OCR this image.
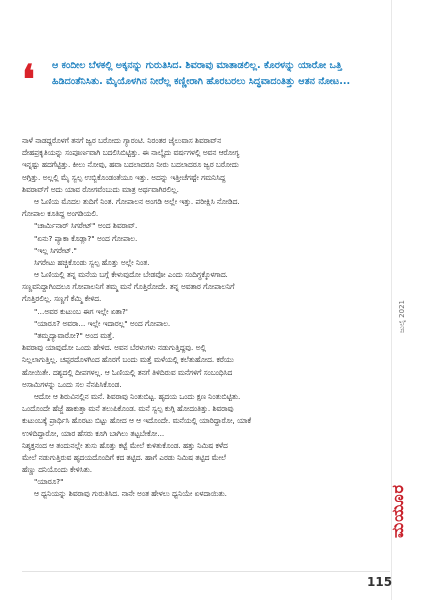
❛ ಆ ಕಂದೀಲ ಬೆಳಕಲ್ಲಿ ಅಕ್ಕನನ್ನು ಗುರುತಿಸಿದ. ಶಿವರಾವು ಮಾತಾಡಲಿಲ್ಲ. ಕೊರಳನ್ನು ಯಾರೋ ಒತ್ತಿ ಹಿಡಿದಂತೆನಿಸಿತು. ಮೈಯೊಳಗಿನ ನೀರೆಲ್ಲ ಕಣ್ಣೀರಾಗಿ ಹೊರಬರಲು ಸಿದ್ಧವಾದಂತಿತ್ತು ಆತನ ನೋಟ...
ನಾಳೆ ನಾಡದ್ದರೊಳಗೆ ತನಗೆ ಜ್ವರ ಬರೋದು ಗ್ಯಾರಂಟಿ. ನಿರಂತರ ಜೈಲುವಾಸ ಶಿವರಾವ್‌ನ
ದೇಹಪ್ರಕೃತಿಯನ್ನು ಸಂಪೂರ್ಣವಾಗಿ ಬದಲಿಸಿಬಿಟ್ಟಿತ್ತು. ಈ ನಾಲ್ಕೈದು ವರ್ಷಗಳಲ್ಲಿ ಅವನ ಆರೋಗ್ಯ
ಇನ್ನಷ್ಟು ಹದಗೆಟ್ಟಿತ್ತು. ಕೀಲು ನೋವು, ಹವಾ ಬದಲಾದರೂ ನೀರು ಬದಲಾದರೂ ಜ್ವರ ಬರೋದು
ಅಗ್ಗಿತ್ತು. ಅಲ್ಲಲ್ಲಿ ಮೈ ಸ್ವಲ್ಪ ಉಬ್ಬಿಕೊಂಡಂತೆಯೂ ಇತ್ತು. ಅದನ್ನು ಇತ್ತೀಚೆಗಷ್ಟೇ ಗಮನಿಸಿದ್ದ
ಶಿವರಾವ್‌ಗೆ ಅದು ಯಾವ ರೋಗವೆಂಬುದು ಮಾತ್ರ ಅರ್ಥವಾಗಿರಲಿಲ್ಲ.
ಆ ಓಣಿಯ ಮೊದಲ ತುದಿಗೆ ನಿಂತ. ಗೋಪಾಲನ ಅಂಗಡಿ ಅಲ್ಲೇ ಇತ್ತು. ಪರೀಕ್ಷಿಸಿ ನೋಡಿದ.
ಗೋಪಾಲ ಕೂತಿದ್ದ ಅಂಗಡಿಯಲಿ.
"ಚಾರ್ಮಿನಾರ್ ಸಿಗರೇಟ್" ಅಂದ ಶಿವರಾವ್.
"ಏನು? ಪ್ಯಾಕಾ ಕೊಡ್ಲಾ?" ಅಂದ ಗೋಪಾಲ.
"ಇಲ್ಲ ಸಿಗರೇಟ್."
ಸಿಗರೇಟು ಹಚ್ಚಿಕೊಂಡು ಸ್ವಲ್ಪ ಹೊತ್ತು ಅಲ್ಲೇ ನಿಂತ.
ಆ ಓಣಿಯಲ್ಲಿ ತನ್ನ ಮನೆಯ ಬಗ್ಗೆ ಕೇಳುವುದೋ ಬೇಡವೋ ಎಂದು ಸಂದಿಗ್ಧಕ್ಕೊಳಗಾದ.
ಸಣ್ಣವನಿದ್ದಾಗಿಂದಲೂ ಗೋಪಾಲನಿಗೆ ತಮ್ಮ ಮನೆ ಗೊತ್ತಿರೋದೇ. ತನ್ನ ಅವತಾರ ಗೋಪಾಲನಿಗೆ
ಗೊತ್ತಿರಲಿಲ್ಲ. ಸಣ್ಣಗೆ ಕೆಮ್ಮಿ ಕೇಳಿದ.
"...ಅವರ ಕುಟುಂಬ ಈಗ ಇಲ್ಲೇ ಏತಾ?'
"ಯಾರೂ? ಅವರಾ... ಇಲ್ಲೇ ಇದಾರಲ್ಲ" ಅಂದ ಗೋಪಾಲ.
"ತಮ್ಮದ್ಯಾವಾರೋ?" ಅಂದ ಮತ್ತೆ.
ಶಿವರಾವು ಯಾವುದೋ ಒಂದು ಹೇಳಿದ. ಅವನ ಬೆರಳುಗಳು ನಡುಗುತ್ತಿದ್ದವು. ಅಲ್ಲಿ
ನಿಲ್ಲಲಾಗುತ್ತಿಲ್ಲ. ಚಪ್ಪರದೊಳಗಿಂದ ಹೊರಗೆ ಬಂದು ಮತ್ತೆ ಮಳೆಯಲ್ಲಿ ಕಲೆತುಹೋದ. ಕರೆಯು
ಹೋಯಿತೇ. ದಶ್ಯದಲ್ಲಿ ದೀಪಗಳಲ್ಲ. ಆ ಓಣಿಯಲ್ಲಿ ತನಗೆ ತಿಳಿದಿರುವ ಮನೆಗಳಿಗೆ ಸಂಬಂಧಿಸಿದ
ಅಸಾಮಿಗಳನ್ನು ಒಂದು ಸಲ ನೆನಪಿಸಿಕೊಂಡ.
ಆದೋ ಆ ಶಿರುವಿನಲ್ಲಿನ ಮನೆ. ಶಿವರಾವು ನಿಂತುಬಿಟ್ಟ. ಹೃದಯ ಒಂದು ಕ್ಷಣ ನಿಂತುಬಿಟ್ಟಿತು.
ಒಂದೊಂದೇ ಹೆಜ್ಜೆ ಹಾಕುತ್ತಾ ಮನೆ ತಲುಪಿಕೊಂಡ. ಮನೆ ಸ್ವಲ್ಪ ಕುಗ್ಗಿ ಹೋದಂತಿತ್ತು. ಶಿವರಾವು
ಕುಟುಂಬಕ್ಕೆ ಪ್ರಾರ್ಥಿಸಿ ಹೊರಟು ಬಿಟ್ಟು ಹೋದ ಆ ಆ ಇದೊಂದೇ. ಮನೆಯಲ್ಲಿ ಯಾರಿದ್ದಾರೋ, ಯಾಕೆ
ಉಳಿದಿದ್ದಾರೋ, ಯಾರ ಹೆಸರು ಕೂಗಿ ಬಾಗಿಲು ತಟ್ಟಬೇಕೋ...
ನಿಶ್ಶಕ್ತನಂದ ಆ ತಂದುನಲ್ಲೇ ತುಸು ಹೊತ್ತು ಕಟ್ಟೆ ಮೇಲೆ ಕುಳಿತುಕೊಂಡ. ಹತ್ತು ನಿಮಿಷ ಕಳೆದ
ಮೇಲೆ ನಡುಗುತ್ತಿರುವ ಹೃದಯದೊಂದಿಗೆ ಕದ ತಟ್ಟಿದ. ಹಾಗೆ ಎರಡು ನಿಮಿಷ ತಟ್ಟಿದ ಮೇಲೆ
ಹೆಣ್ಣು ದನಿಯೊಂದು ಕೇಳಿಸಿತು.
"ಯಾರೂ?"
ಆ ಧ್ವನಿಯನ್ನು ಶಿವರಾವು ಗುರುತಿಸಿದ. ನಾನೇ ಅಂತ ಹೇಳಲು ಧ್ವನಿಯೇ ಏಳದಾಯಿತು.
ಜುಲೈ 2021
ಮಯೂರ
115
